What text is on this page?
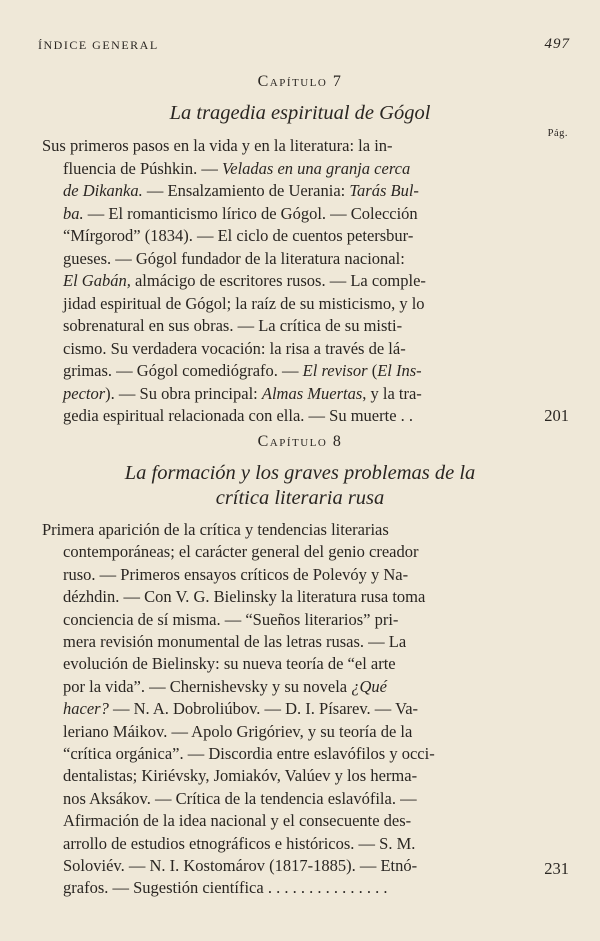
ÍNDICE GENERAL	497
Capítulo 7
La tragedia espiritual de Gógol
Pág.
Sus primeros pasos en la vida y en la literatura: la in-
fluencia de Púshkin. — Veladas en una granja cerca
de Dikanka. — Ensalzamiento de Uerania: Tarás Bul-
ba. — El romanticismo lírico de Gógol. — Colección
“Mírgorod” (1834). — El ciclo de cuentos petersbur-
gueses. — Gógol fundador de la literatura nacional:
El Gabán, almácigo de escritores rusos. — La comple-
jidad espiritual de Gógol; la raíz de su misticismo, y lo
sobrenatural en sus obras. — La crítica de su misti-
cismo. Su verdadera vocación: la risa a través de lá-
grimas. — Gógol comediógrafo. — El revisor (El Ins-
pector). — Su obra principal: Almas Muertas, y la tra-
gedia espiritual relacionada con ella. — Su muerte . .	201
Capítulo 8
La formación y los graves problemas de la
crítica literaria rusa
Primera aparición de la crítica y tendencias literarias
contemporáneas; el carácter general del genio creador
ruso. — Primeros ensayos críticos de Polevóy y Na-
dézhdin. — Con V. G. Bielinsky la literatura rusa toma
conciencia de sí misma. — “Sueños literarios” pri-
mera revisión monumental de las letras rusas. — La
evolución de Bielinsky: su nueva teoría de “el arte
por la vida”. — Chernishevsky y su novela ¿Qué
hacer? — N. A. Dobroliúbov. — D. I. Písarev. — Va-
leriano Máikov. — Apolo Grigóriev, y su teoría de la
“crítica orgánica”. — Discordia entre eslavófilos y occi-
dentalistas; Kiriévsky, Jomiakóv, Valúev y los herma-
nos Aksákov. — Crítica de la tendencia eslavófila. —
Afirmación de la idea nacional y el consecuente des-
arrollo de estudios etnográficos e históricos. — S. M.
Soloviév. — N. I. Kostomárov (1817-1885). — Etnó-
grafos. — Sugestión científica . . . . . . . . . . . . . . .
231
